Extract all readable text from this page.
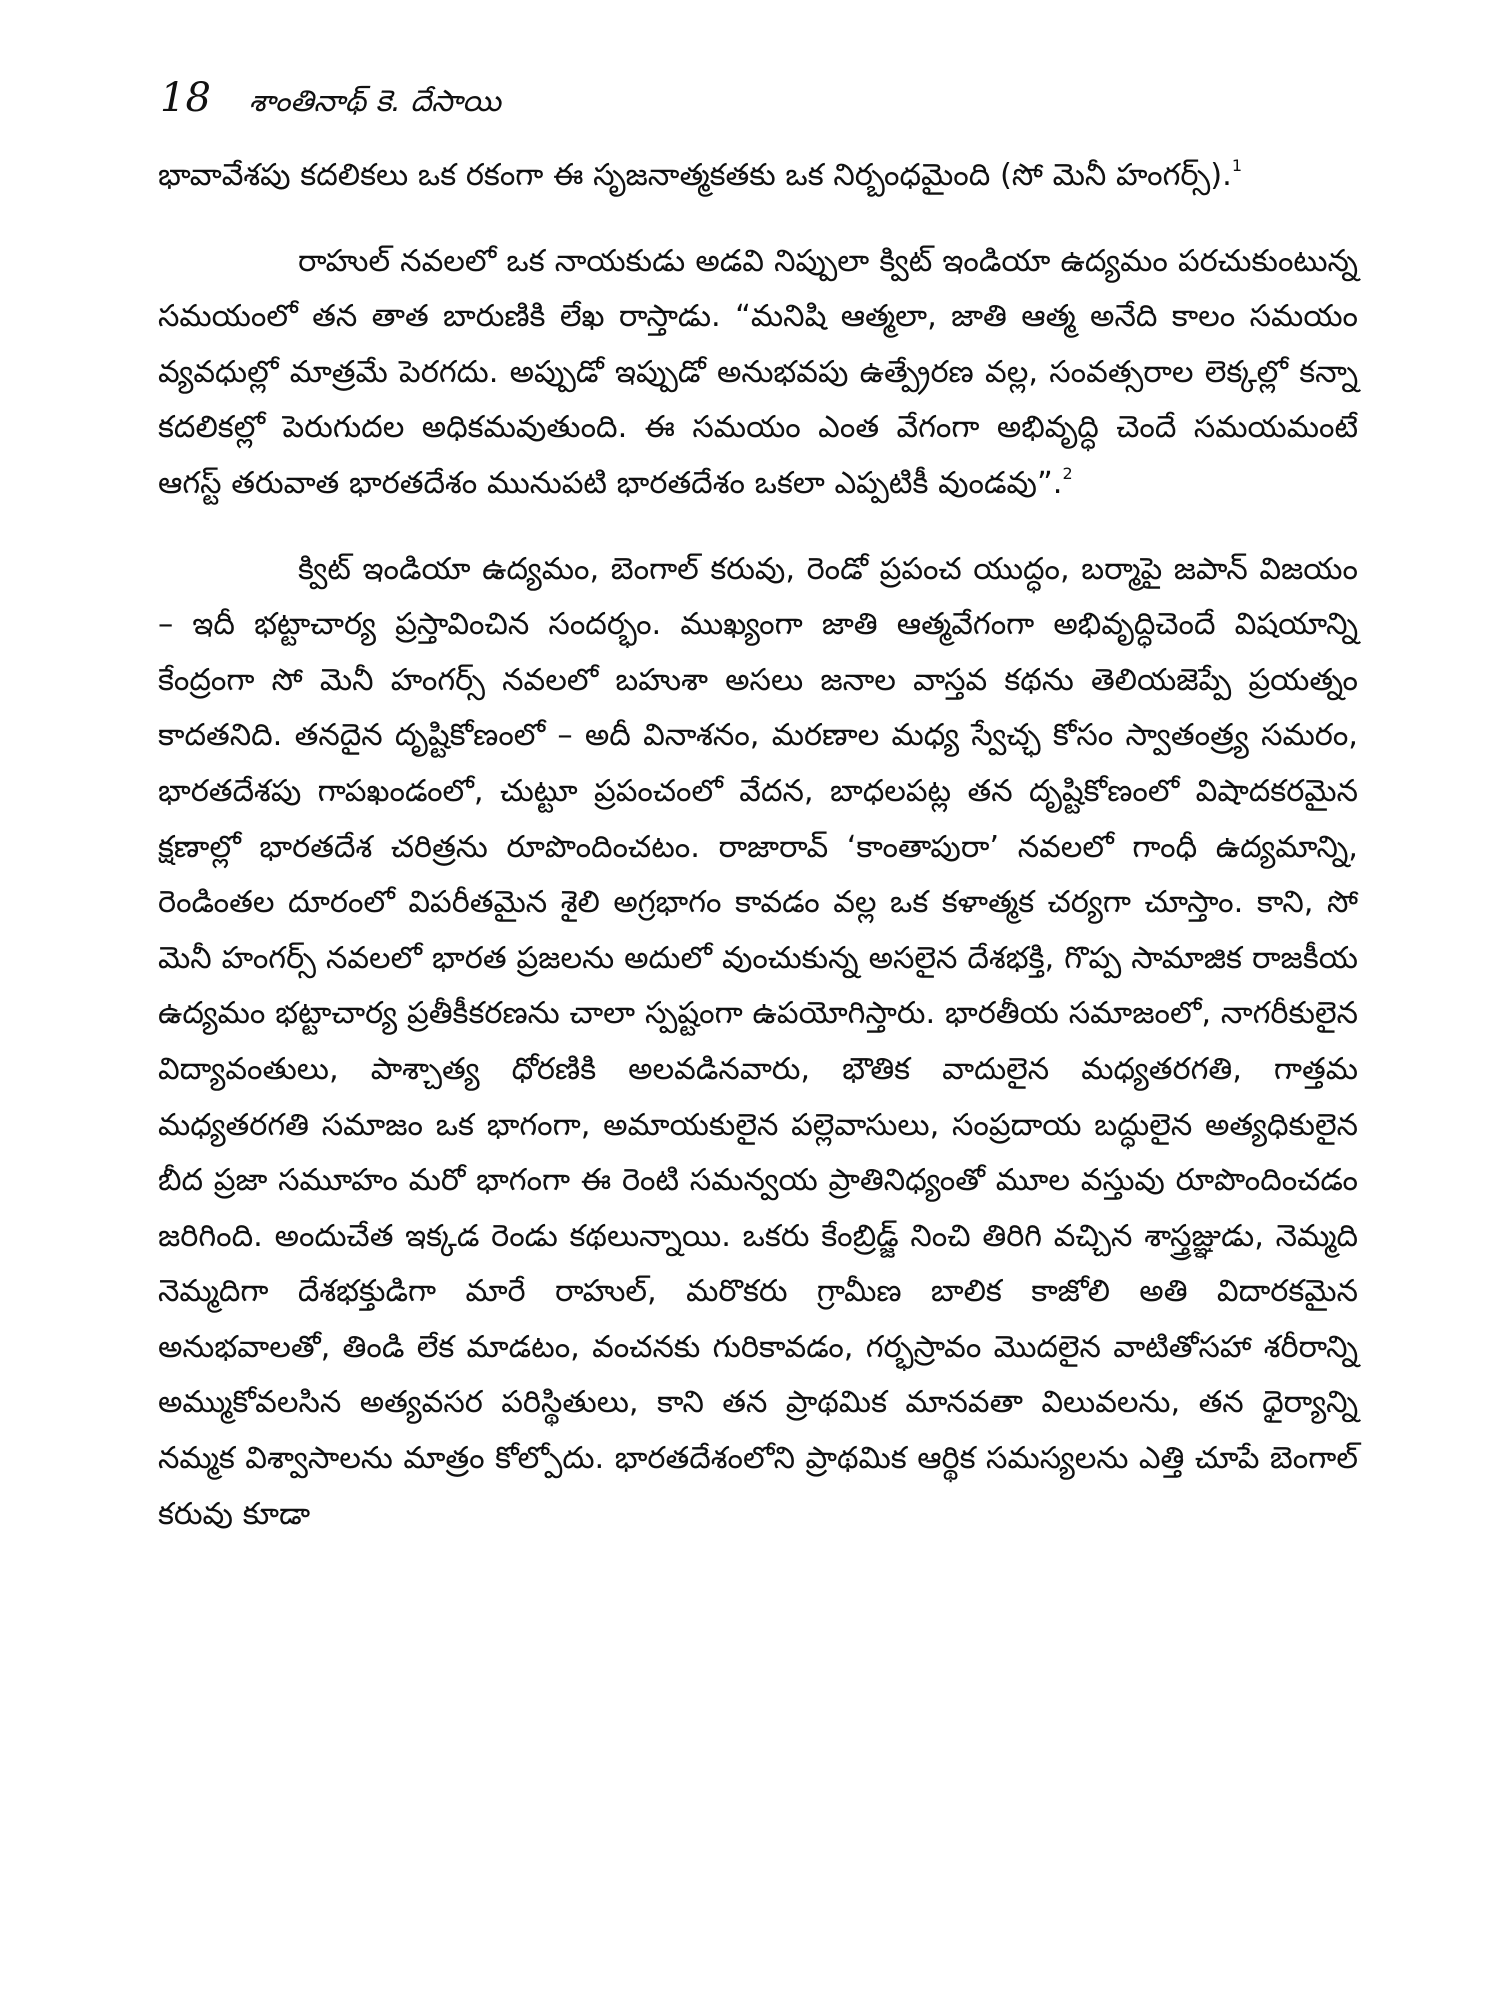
18 శాంతినాథ్ కె. దేసాయి

భావావేశపు కదలికలు ఒక రకంగా ఈ సృజనాత్మకతకు ఒక నిర్బంధమైంది (సో మెనీ హంగర్స్).$^1$

రాహుల్ నవలలో ఒక నాయకుడు అడవి నిప్పులా క్విట్ ఇండియా ఉద్యమం పరచుకుంటున్న సమయంలో తన తాత బారుణికి లేఖ రాస్తాడు. “మనిషి ఆత్మలా, జాతి ఆత్మ అనేది కాలం సమయం వ్యవధుల్లో మాత్రమే పెరగదు. అప్పుడో ఇప్పుడో అనుభవపు ఉత్ప్రేరణ వల్ల, సంవత్సరాల లెక్కల్లో కన్నా కదలికల్లో పెరుగుదల అధికమవుతుంది. ఈ సమయం ఎంత వేగంగా అభివృద్ధి చెందే సమయమంటే ఆగస్ట్ తరువాత భారతదేశం మునుపటి భారతదేశం ఒకలా ఎప్పటికీ వుండవు”.$^2$

క్విట్ ఇండియా ఉద్యమం, బెంగాల్ కరువు, రెండో ప్రపంచ యుద్ధం, బర్మాపై జపాన్ విజయం – ఇదీ భట్టాచార్య ప్రస్తావించిన సందర్భం. ముఖ్యంగా జాతి ఆత్మవేగంగా అభివృద్ధిచెందే విషయాన్ని కేంద్రంగా సో మెనీ హంగర్స్ నవలలో బహుశా అసలు జనాల వాస్తవ కథను తెలియజెప్పే ప్రయత్నం కాదతనిది. తనదైన దృష్టికోణంలో – అదీ వినాశనం, మరణాల మధ్య స్వేచ్ఛ కోసం స్వాతంత్ర్య సమరం, భారతదేశపు గాపఖండంలో, చుట్టూ ప్రపంచంలో వేదన, బాధలపట్ల తన దృష్టికోణంలో విషాదకరమైన క్షణాల్లో భారతదేశ చరిత్రను రూపొందించటం. రాజారావ్ ‘కాంతాపురా’ నవలలో గాంధీ ఉద్యమాన్ని, రెండింతల దూరంలో విపరీతమైన శైలి అగ్రభాగం కావడం వల్ల ఒక కళాత్మక చర్యగా చూస్తాం. కాని, సో మెనీ హంగర్స్ నవలలో భారత ప్రజలను అదులో వుంచుకున్న అసలైన దేశభక్తి, గొప్ప సామాజిక రాజకీయ ఉద్యమం భట్టాచార్య ప్రతీకీకరణను చాలా స్పష్టంగా ఉపయోగిస్తారు. భారతీయ సమాజంలో, నాగరీకులైన విద్యావంతులు, పాశ్చాత్య ధోరణికి అలవడినవారు, భౌతిక వాదులైన మధ్యతరగతి, గాత్తమ మధ్యతరగతి సమాజం ఒక భాగంగా, అమాయకులైన పల్లెవాసులు, సంప్రదాయ బద్ధులైన అత్యధికులైన బీద ప్రజా సమూహం మరో భాగంగా ఈ రెంటి సమన్వయ ప్రాతినిధ్యంతో మూల వస్తువు రూపొందించడం జరిగింది. అందుచేత ఇక్కడ రెండు కథలున్నాయి. ఒకరు కేంబ్రిడ్జ్ నించి తిరిగి వచ్చిన శాస్త్రజ్ఞుడు, నెమ్మది నెమ్మదిగా దేశభక్తుడిగా మారే రాహుల్, మరొకరు గ్రామీణ బాలిక కాజోలి అతి విదారకమైన అనుభవాలతో, తిండి లేక మాడటం, వంచనకు గురికావడం, గర్భస్రావం మొదలైన వాటితోసహా శరీరాన్ని అమ్ముకోవలసిన అత్యవసర పరిస్థితులు, కాని తన ప్రాథమిక మానవతా విలువలను, తన ధైర్యాన్ని నమ్మక విశ్వాసాలను మాత్రం కోల్పోదు. భారతదేశంలోని ప్రాథమిక ఆర్థిక సమస్యలను ఎత్తి చూపే బెంగాల్ కరువు కూడా
